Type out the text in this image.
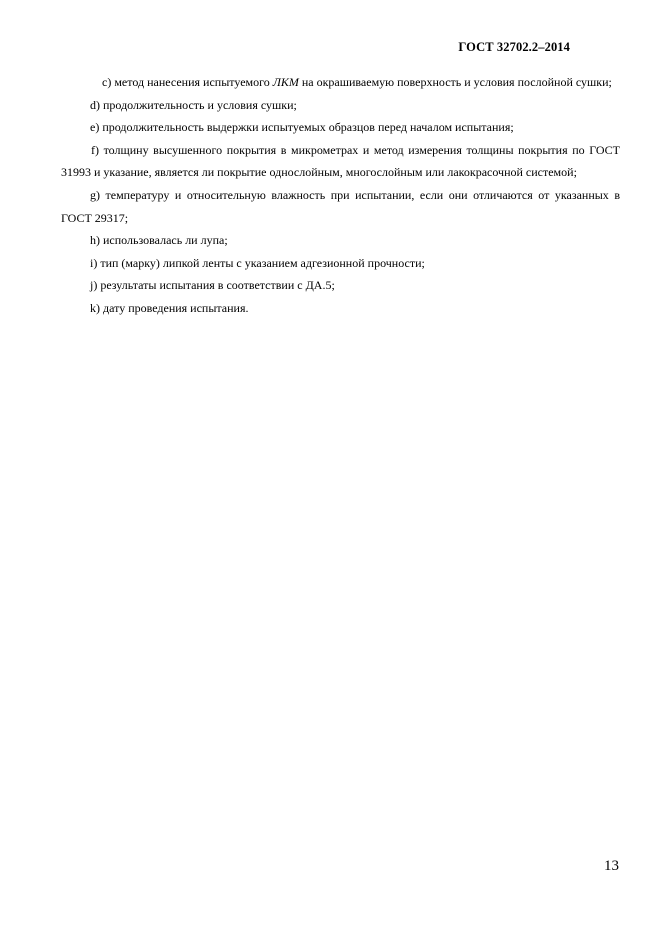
ГОСТ 32702.2–2014

c) метод нанесения испытуемого ЛКМ на окрашиваемую поверхность и условия послойной сушки;

d) продолжительность и условия сушки;

e) продолжительность выдержки испытуемых образцов перед началом испытания;

f) толщину высушенного покрытия в микрометрах и метод измерения толщины покрытия по ГОСТ 31993 и указание, является ли покрытие однослойным, многослойным или лакокрасочной системой;

g) температуру и относительную влажность при испытании, если они отличаются от указанных в ГОСТ 29317;

h) использовалась ли лупа;

i) тип (марку) липкой ленты с указанием адгезионной прочности;

j) результаты испытания в соответствии с ДА.5;

k) дату проведения испытания.

13
